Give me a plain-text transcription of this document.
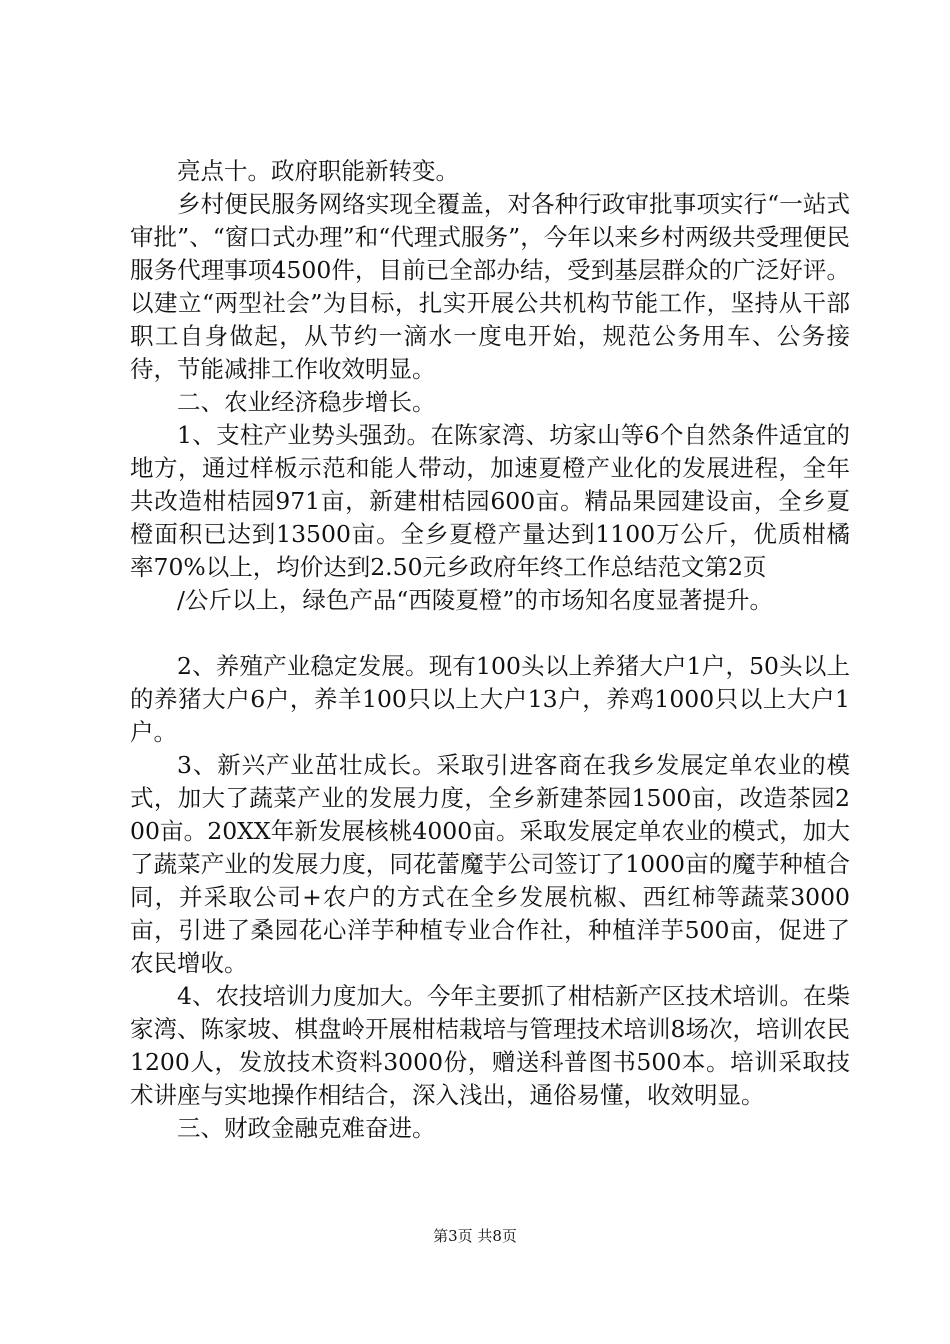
亮点十。政府职能新转变。

乡村便民服务网络实现全覆盖，对各种行政审批事项实行“一站式审批”、“窗口式办理”和“代理式服务”，今年以来乡村两级共受理便民服务代理事项4500件，目前已全部办结，受到基层群众的广泛好评。以建立“两型社会”为目标，扎实开展公共机构节能工作，坚持从干部职工自身做起，从节约一滴水一度电开始，规范公务用车、公务接待，节能减排工作收效明显。

二、农业经济稳步增长。

1、支柱产业势头强劲。在陈家湾、坊家山等6个自然条件适宜的地方，通过样板示范和能人带动，加速夏橙产业化的发展进程，全年共改造柑桔园971亩，新建柑桔园600亩。精品果园建设亩，全乡夏橙面积已达到13500亩。全乡夏橙产量达到1100万公斤，优质柑橘率70%以上，均价达到2.50元乡政府年终工作总结范文第2页

/公斤以上，绿色产品“西陵夏橙”的市场知名度显著提升。

2、养殖产业稳定发展。现有100头以上养猪大户1户，50头以上的养猪大户6户，养羊100只以上大户13户，养鸡1000只以上大户1户。

3、新兴产业茁壮成长。采取引进客商在我乡发展定单农业的模式，加大了蔬菜产业的发展力度，全乡新建茶园1500亩，改造茶园200亩。20XX年新发展核桃4000亩。采取发展定单农业的模式，加大了蔬菜产业的发展力度，同花蕾魔芋公司签订了1000亩的魔芋种植合同，并采取公司+农户的方式在全乡发展杭椒、西红柿等蔬菜3000亩，引进了桑园花心洋芋种植专业合作社，种植洋芋500亩，促进了农民增收。

4、农技培训力度加大。今年主要抓了柑桔新产区技术培训。在柴家湾、陈家坡、棋盘岭开展柑桔栽培与管理技术培训8场次，培训农民1200人，发放技术资料3000份，赠送科普图书500本。培训采取技术讲座与实地操作相结合，深入浅出，通俗易懂，收效明显。

三、财政金融克难奋进。

第3页 共8页
